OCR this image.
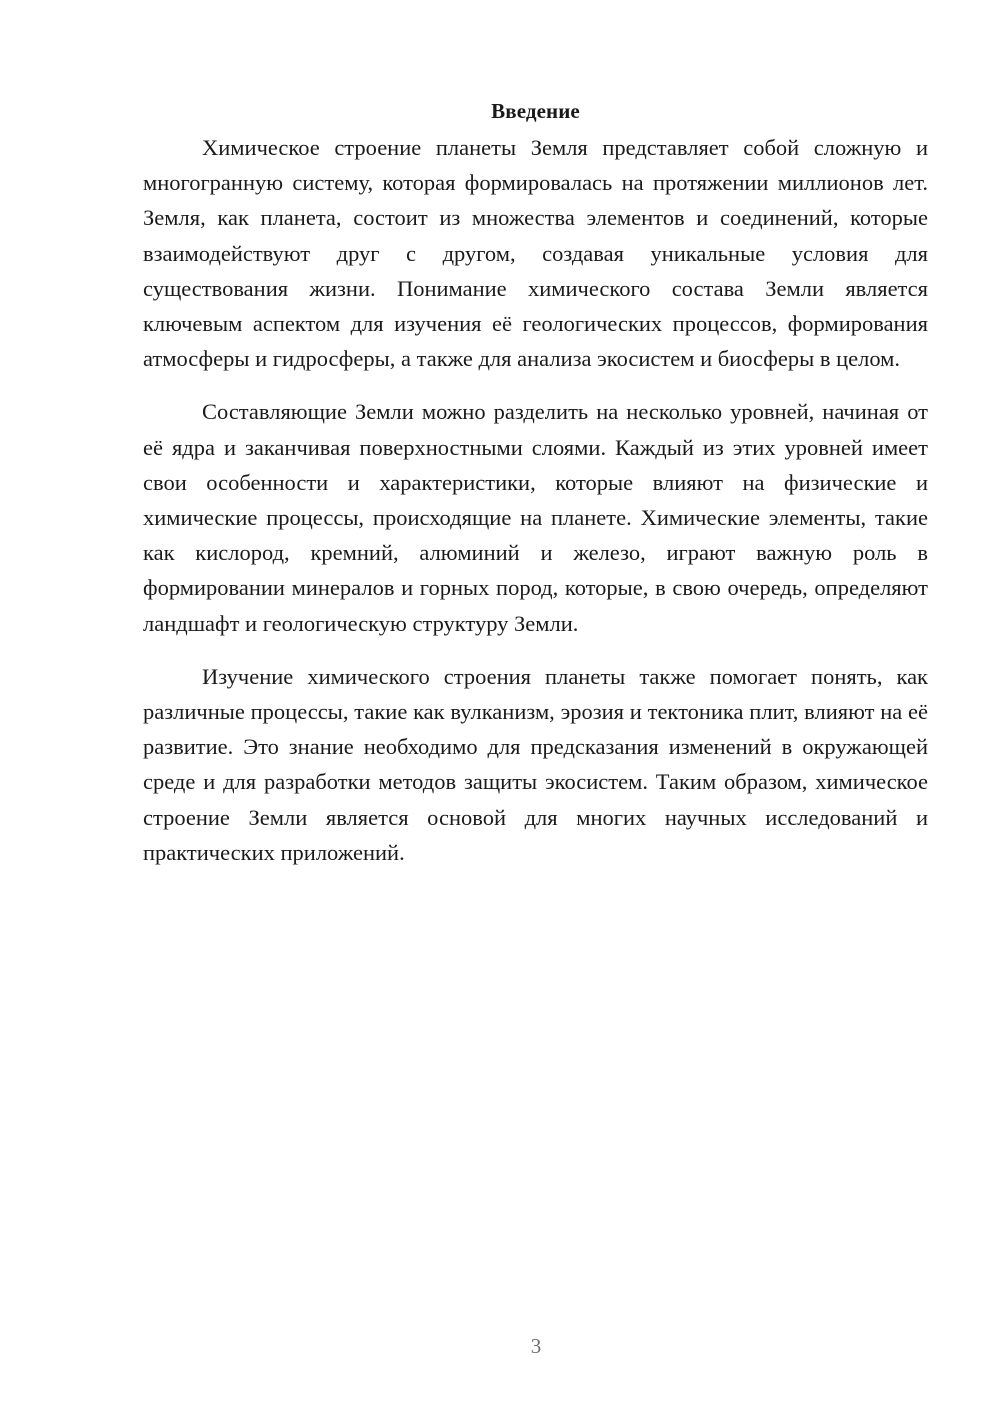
Введение

Химическое строение планеты Земля представляет собой сложную и многогранную систему, которая формировалась на протяжении миллионов лет. Земля, как планета, состоит из множества элементов и соединений, которые взаимодействуют друг с другом, создавая уникальные условия для существования жизни. Понимание химического состава Земли является ключевым аспектом для изучения её геологических процессов, формирования атмосферы и гидросферы, а также для анализа экосистем и биосферы в целом.

Составляющие Земли можно разделить на несколько уровней, начиная от её ядра и заканчивая поверхностными слоями. Каждый из этих уровней имеет свои особенности и характеристики, которые влияют на физические и химические процессы, происходящие на планете. Химические элементы, такие как кислород, кремний, алюминий и железо, играют важную роль в формировании минералов и горных пород, которые, в свою очередь, определяют ландшафт и геологическую структуру Земли.

Изучение химического строения планеты также помогает понять, как различные процессы, такие как вулканизм, эрозия и тектоника плит, влияют на её развитие. Это знание необходимо для предсказания изменений в окружающей среде и для разработки методов защиты экосистем. Таким образом, химическое строение Земли является основой для многих научных исследований и практических приложений.

3
